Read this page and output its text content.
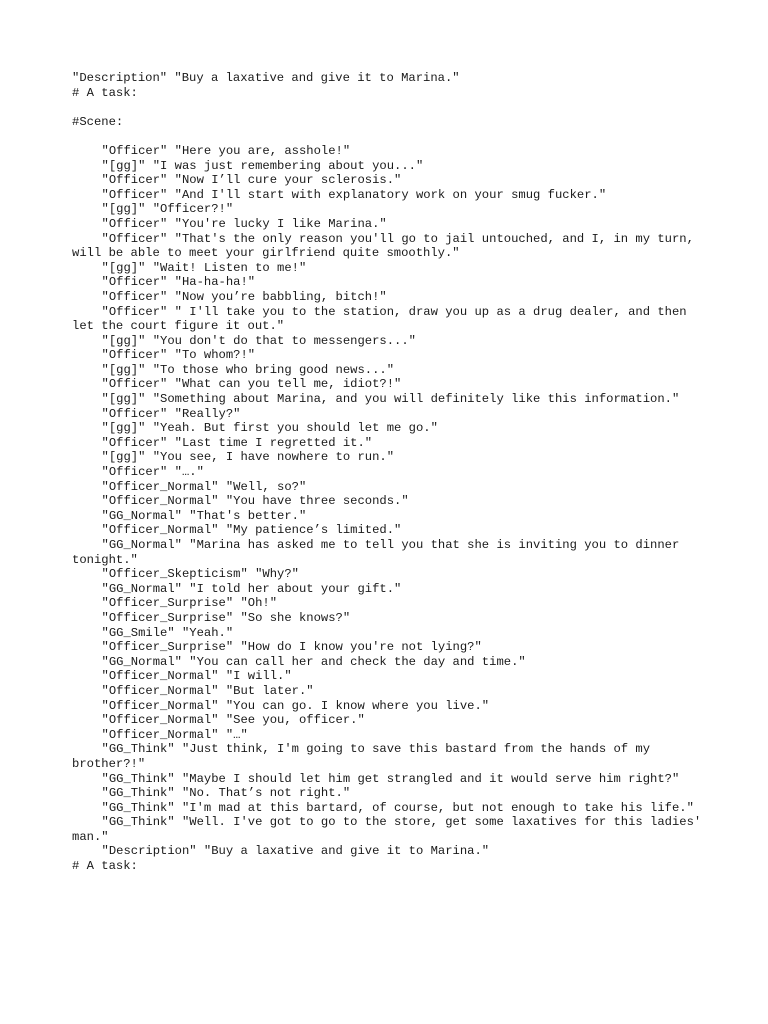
"Description" "Buy a laxative and give it to Marina."
# A task:
#Scene:
"Officer" "Here you are, asshole!"
"[gg]" "I was just remembering about you..."
"Officer" "Now I’ll cure your sclerosis."
"Officer" "And I'll start with explanatory work on your smug fucker."
"[gg]" "Officer?!"
"Officer" "You're lucky I like Marina."
"Officer" "That's the only reason you'll go to jail untouched, and I, in my turn, will be able to meet your girlfriend quite smoothly."
"[gg]" "Wait! Listen to me!"
"Officer" "Ha-ha-ha!"
"Officer" "Now you’re babbling, bitch!"
"Officer" " I'll take you to the station, draw you up as a drug dealer, and then let the court figure it out."
"[gg]" "You don't do that to messengers..."
"Officer" "To whom?!"
"[gg]" "To those who bring good news..."
"Officer" "What can you tell me, idiot?!"
"[gg]" "Something about Marina, and you will definitely like this information."
"Officer" "Really?"
"[gg]" "Yeah. But first you should let me go."
"Officer" "Last time I regretted it."
"[gg]" "You see, I have nowhere to run."
"Officer" "…."
"Officer_Normal" "Well, so?"
"Officer_Normal" "You have three seconds."
"GG_Normal" "That's better."
"Officer_Normal" "My patience’s limited."
"GG_Normal" "Marina has asked me to tell you that she is inviting you to dinner tonight."
"Officer_Skepticism" "Why?"
"GG_Normal" "I told her about your gift."
"Officer_Surprise" "Oh!"
"Officer_Surprise" "So she knows?"
"GG_Smile" "Yeah."
"Officer_Surprise" "How do I know you're not lying?"
"GG_Normal" "You can call her and check the day and time."
"Officer_Normal" "I will."
"Officer_Normal" "But later."
"Officer_Normal" "You can go. I know where you live."
"Officer_Normal" "See you, officer."
"Officer_Normal" "…"
"GG_Think" "Just think, I'm going to save this bastard from the hands of my brother?!"
"GG_Think" "Maybe I should let him get strangled and it would serve him right?"
"GG_Think" "No. That’s not right."
"GG_Think" "I'm mad at this bartard, of course, but not enough to take his life."
"GG_Think" "Well. I've got to go to the store, get some laxatives for this ladies' man."
"Description" "Buy a laxative and give it to Marina."
# A task:
